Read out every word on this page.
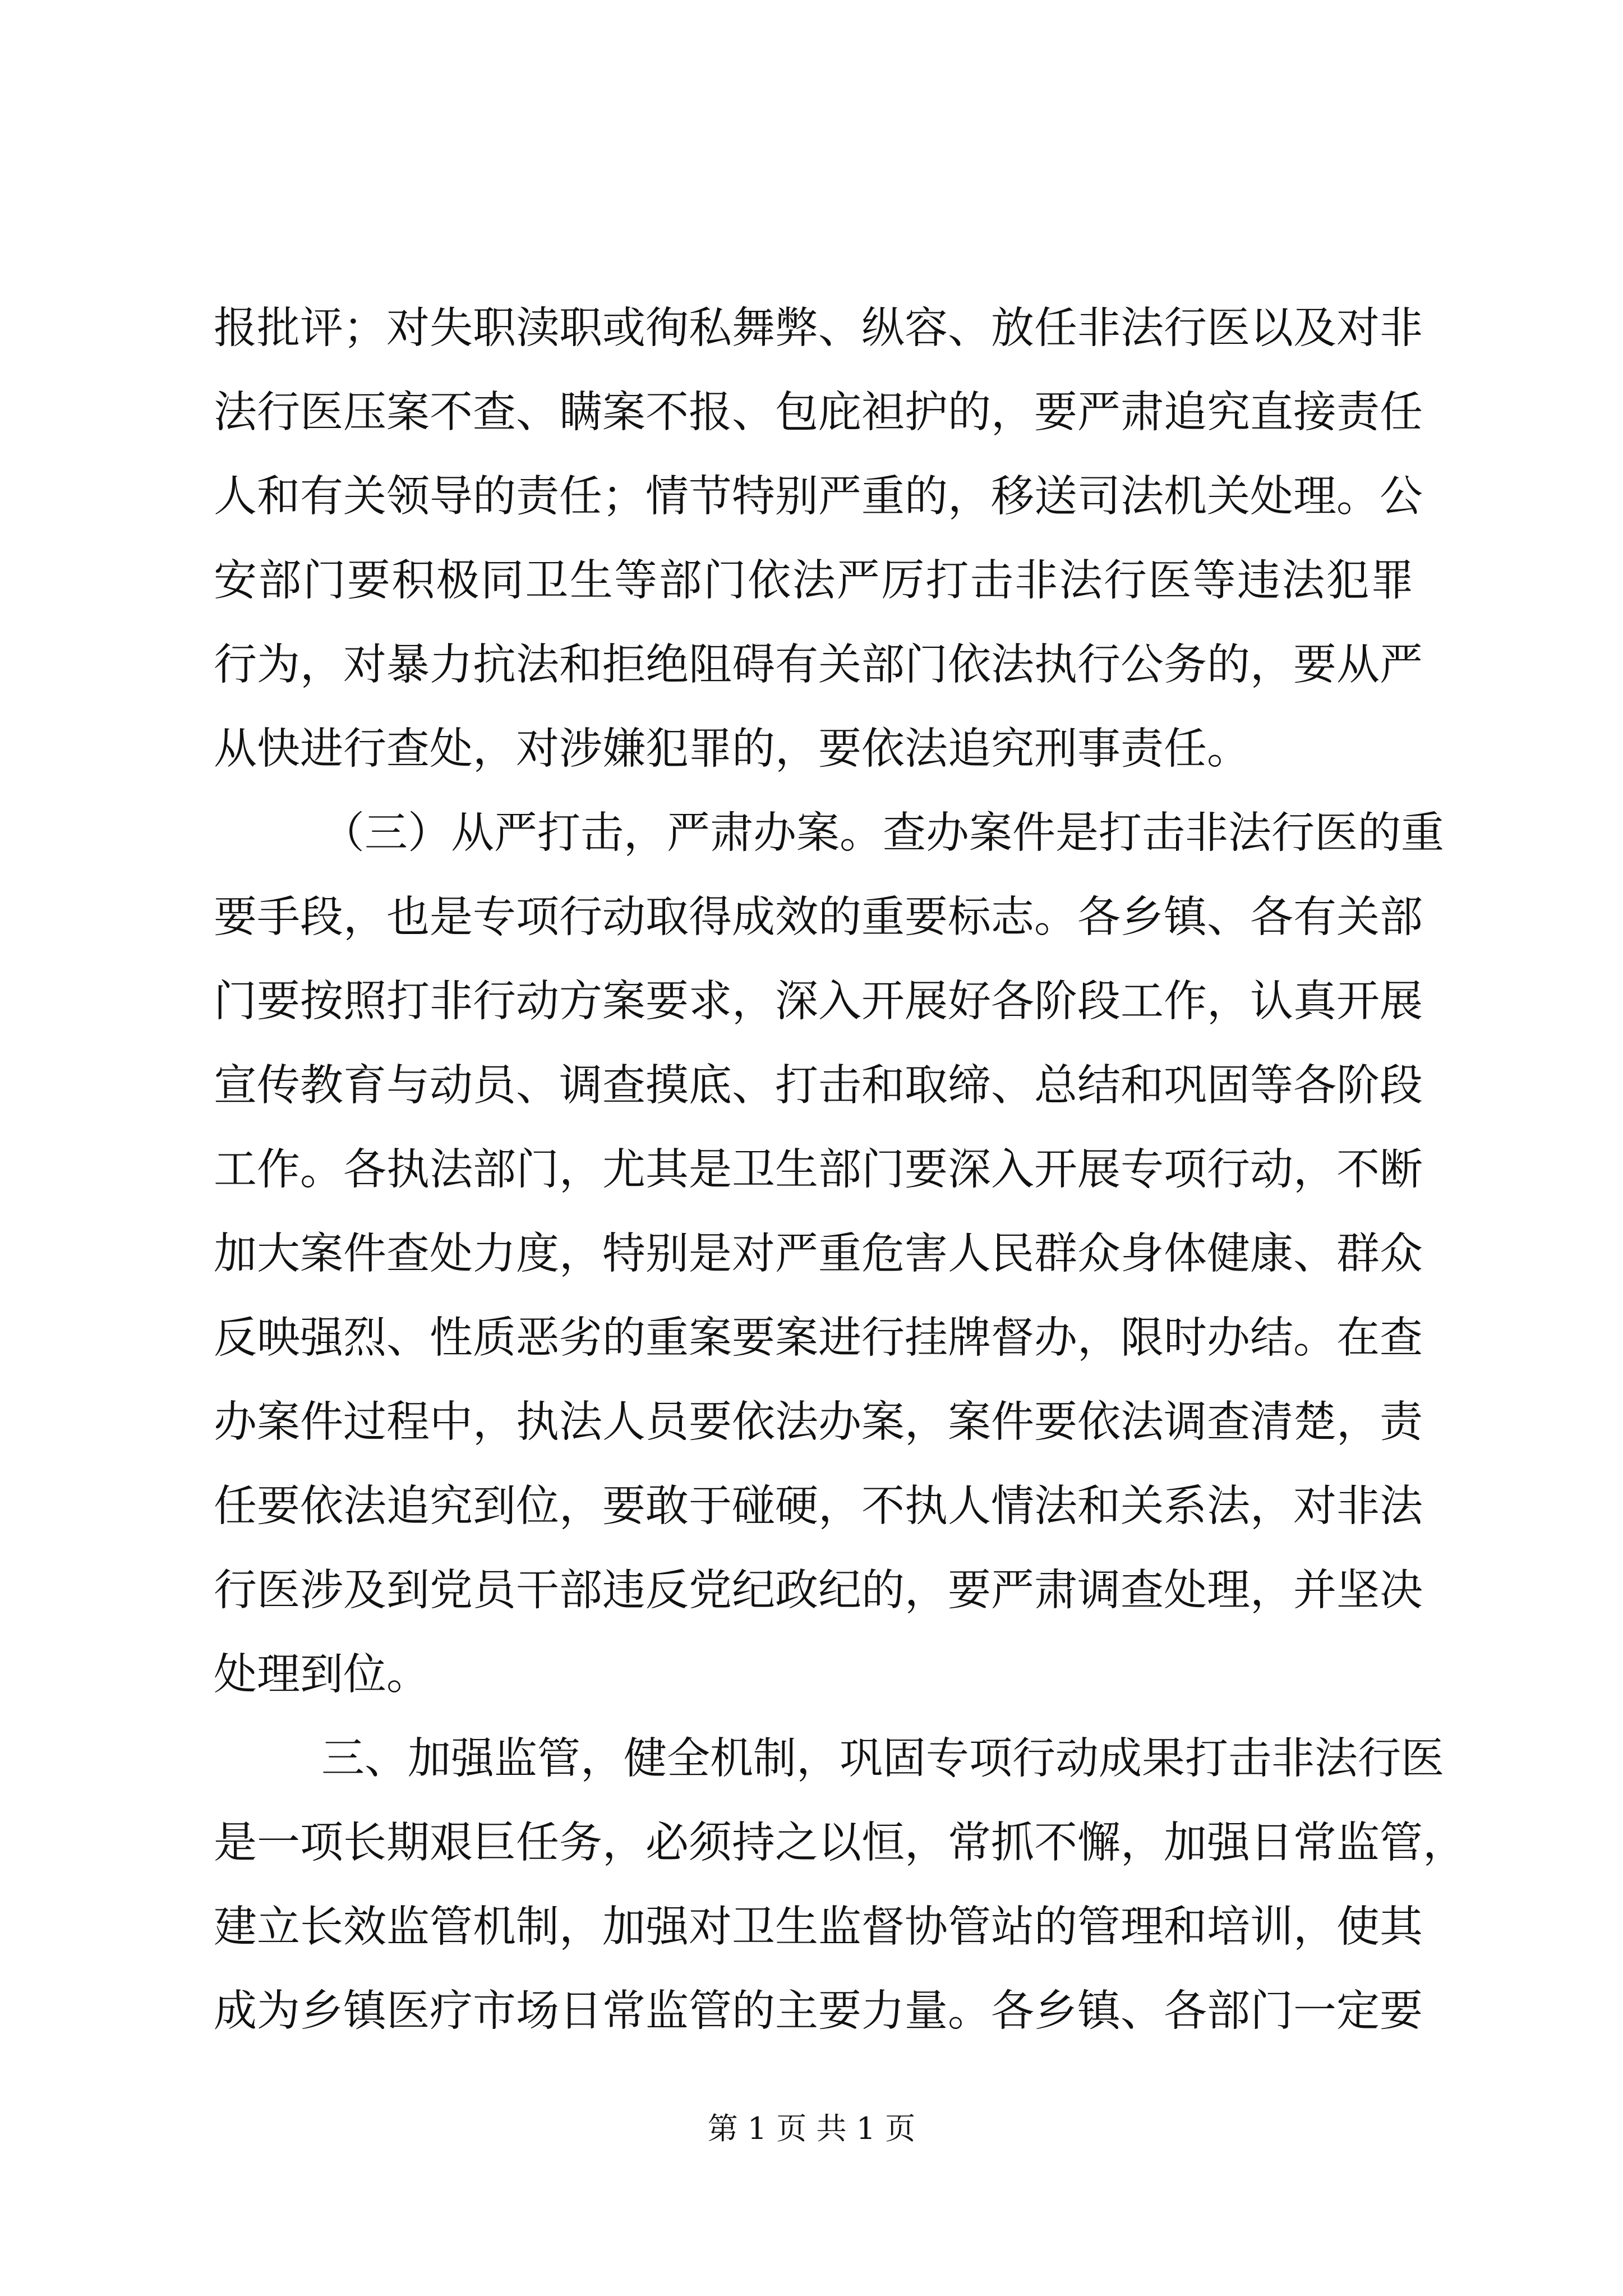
报批评；对失职渎职或徇私舞弊、纵容、放任非法行医以及对非
法行医压案不查、瞒案不报、包庇袒护的，要严肃追究直接责任
人和有关领导的责任；情节特别严重的，移送司法机关处理。公
安部门要积极同卫生等部门依法严厉打击非法行医等违法犯罪
行为，对暴力抗法和拒绝阻碍有关部门依法执行公务的，要从严
从快进行查处，对涉嫌犯罪的，要依法追究刑事责任。
（三）从严打击，严肃办案。查办案件是打击非法行医的重
要手段，也是专项行动取得成效的重要标志。各乡镇、各有关部
门要按照打非行动方案要求，深入开展好各阶段工作，认真开展
宣传教育与动员、调查摸底、打击和取缔、总结和巩固等各阶段
工作。各执法部门，尤其是卫生部门要深入开展专项行动，不断
加大案件查处力度，特别是对严重危害人民群众身体健康、群众
反映强烈、性质恶劣的重案要案进行挂牌督办，限时办结。在查
办案件过程中，执法人员要依法办案，案件要依法调查清楚，责
任要依法追究到位，要敢于碰硬，不执人情法和关系法，对非法
行医涉及到党员干部违反党纪政纪的，要严肃调查处理，并坚决
处理到位。
三、加强监管，健全机制，巩固专项行动成果打击非法行医
是一项长期艰巨任务，必须持之以恒，常抓不懈，加强日常监管，
建立长效监管机制，加强对卫生监督协管站的管理和培训，使其
成为乡镇医疗市场日常监管的主要力量。各乡镇、各部门一定要
第 1 页 共 1 页
